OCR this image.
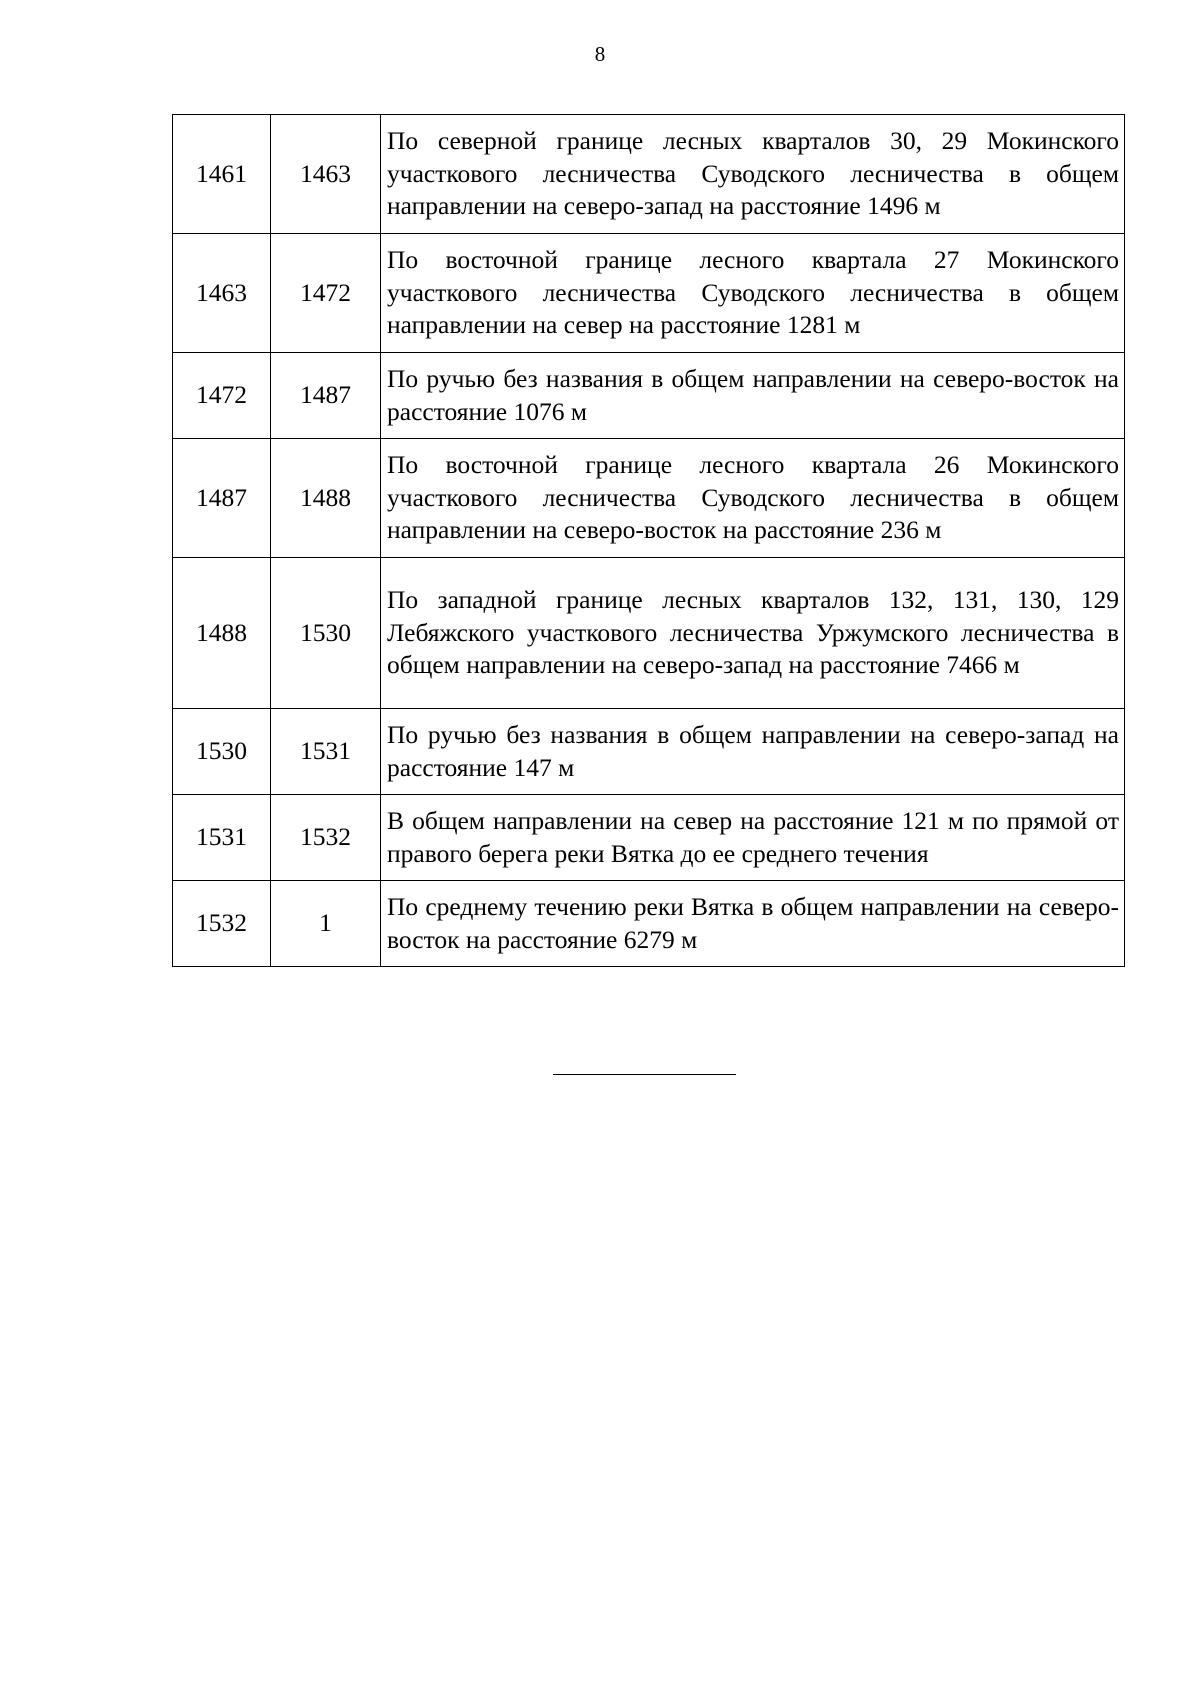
8
1461	1463	По северной границе лесных кварталов 30, 29 Мокинского участкового лесничества Суводского лесничества в общем направлении на северо-запад на расстояние 1496 м
1463	1472	По восточной границе лесного квартала 27 Мокинского участкового лесничества Суводского лесничества в общем направлении на север на расстояние 1281 м
1472	1487	По ручью без названия в общем направлении на северо-восток на расстояние 1076 м
1487	1488	По восточной границе лесного квартала 26 Мокинского участкового лесничества Суводского лесничества в общем направлении на северо-восток на расстояние 236 м
1488	1530	По западной границе лесных кварталов 132, 131, 130, 129 Лебяжского участкового лесничества Уржумского лесничества в общем направлении на северо-запад на расстояние 7466 м
1530	1531	По ручью без названия в общем направлении на северо-запад на расстояние 147 м
1531	1532	В общем направлении на север на расстояние 121 м по прямой от правого берега реки Вятка до ее среднего течения
1532	1	По среднему течению реки Вятка в общем направлении на северо-восток на расстояние 6279 м
